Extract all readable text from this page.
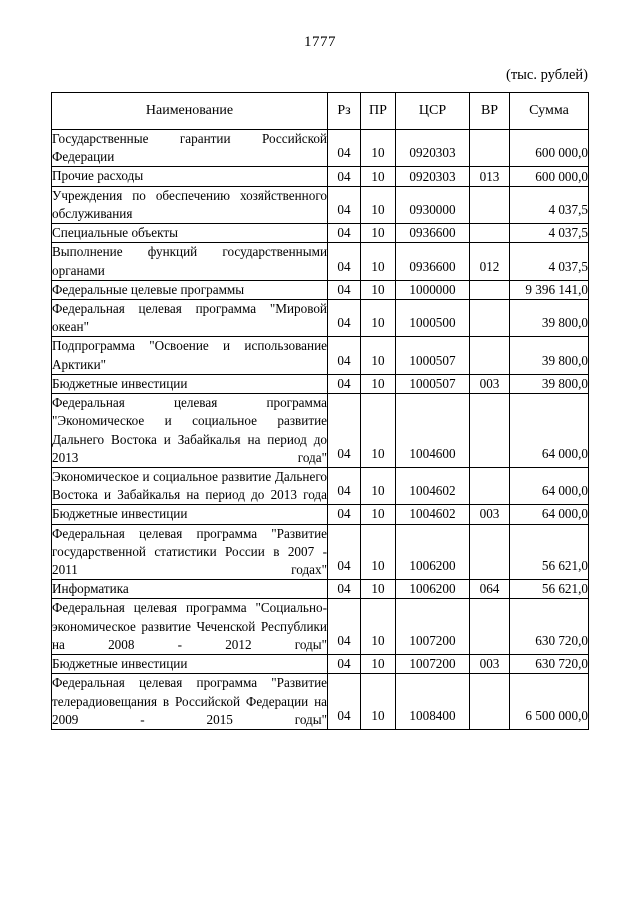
1777
(тыс. рублей)
Наименование	Рз	ПР	ЦСР	ВР	Сумма
Государственные гарантии Российской Федерации	04	10	0920303		600 000,0
Прочие расходы	04	10	0920303	013	600 000,0
Учреждения по обеспечению хозяйственного обслуживания	04	10	0930000		4 037,5
Специальные объекты	04	10	0936600		4 037,5
Выполнение функций государственными органами	04	10	0936600	012	4 037,5
Федеральные целевые программы	04	10	1000000		9 396 141,0
Федеральная целевая программа "Мировой океан"	04	10	1000500		39 800,0
Подпрограмма "Освоение и использование Арктики"	04	10	1000507		39 800,0
Бюджетные инвестиции	04	10	1000507	003	39 800,0
Федеральная целевая программа "Экономическое и социальное развитие Дальнего Востока и Забайкалья на период до 2013 года"	04	10	1004600		64 000,0
Экономическое и социальное развитие Дальнего Востока и Забайкалья на период до 2013 года	04	10	1004602		64 000,0
Бюджетные инвестиции	04	10	1004602	003	64 000,0
Федеральная целевая программа "Развитие государственной статистики России в 2007 - 2011 годах"	04	10	1006200		56 621,0
Информатика	04	10	1006200	064	56 621,0
Федеральная целевая программа "Социально-экономическое развитие Чеченской Республики на 2008 - 2012 годы"	04	10	1007200		630 720,0
Бюджетные инвестиции	04	10	1007200	003	630 720,0
Федеральная целевая программа "Развитие телерадиовещания в Российской Федерации на 2009 - 2015 годы"	04	10	1008400		6 500 000,0
